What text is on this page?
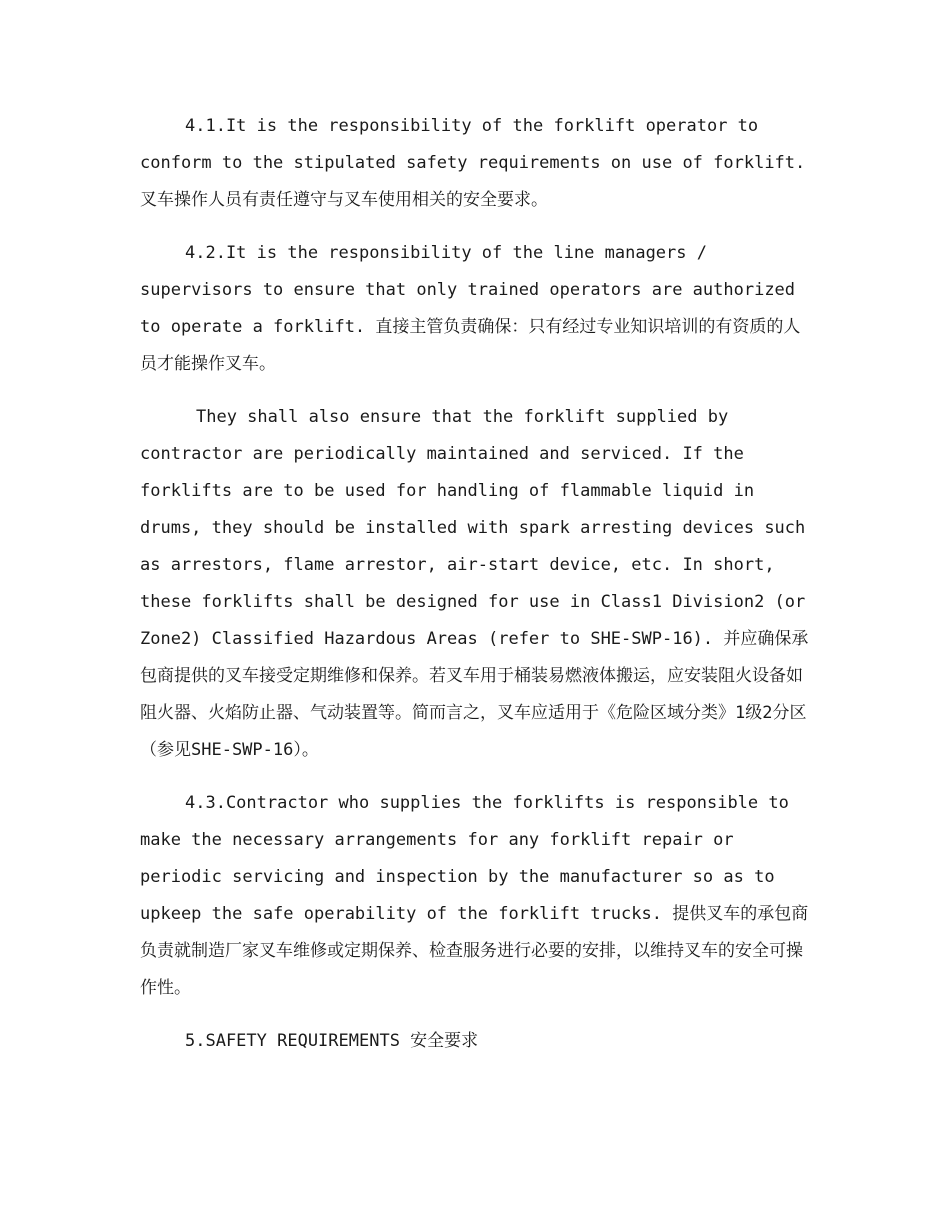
4.1.It is the responsibility of the forklift operator to conform to the stipulated safety requirements on use of forklift. 叉车操作人员有责任遵守与叉车使用相关的安全要求。

4.2.It is the responsibility of the line managers / supervisors to ensure that only trained operators are authorized to operate a forklift. 直接主管负责确保：只有经过专业知识培训的有资质的人员才能操作叉车。

They shall also ensure that the forklift supplied by contractor are periodically maintained and serviced. If the forklifts are to be used for handling of flammable liquid in drums, they should be installed with spark arresting devices such as arrestors, flame arrestor, air-start device, etc. In short, these forklifts shall be designed for use in Class1 Division2 (or Zone2) Classified Hazardous Areas (refer to SHE-SWP-16). 并应确保承包商提供的叉车接受定期维修和保养。若叉车用于桶装易燃液体搬运，应安装阻火设备如阻火器、火焰防止器、气动装置等。简而言之，叉车应适用于《危险区域分类》1级2分区（参见SHE-SWP-16）。

4.3.Contractor who supplies the forklifts is responsible to make the necessary arrangements for any forklift repair or periodic servicing and inspection by the manufacturer so as to upkeep the safe operability of the forklift trucks. 提供叉车的承包商负责就制造厂家叉车维修或定期保养、检查服务进行必要的安排，以维持叉车的安全可操作性。

5.SAFETY REQUIREMENTS 安全要求
